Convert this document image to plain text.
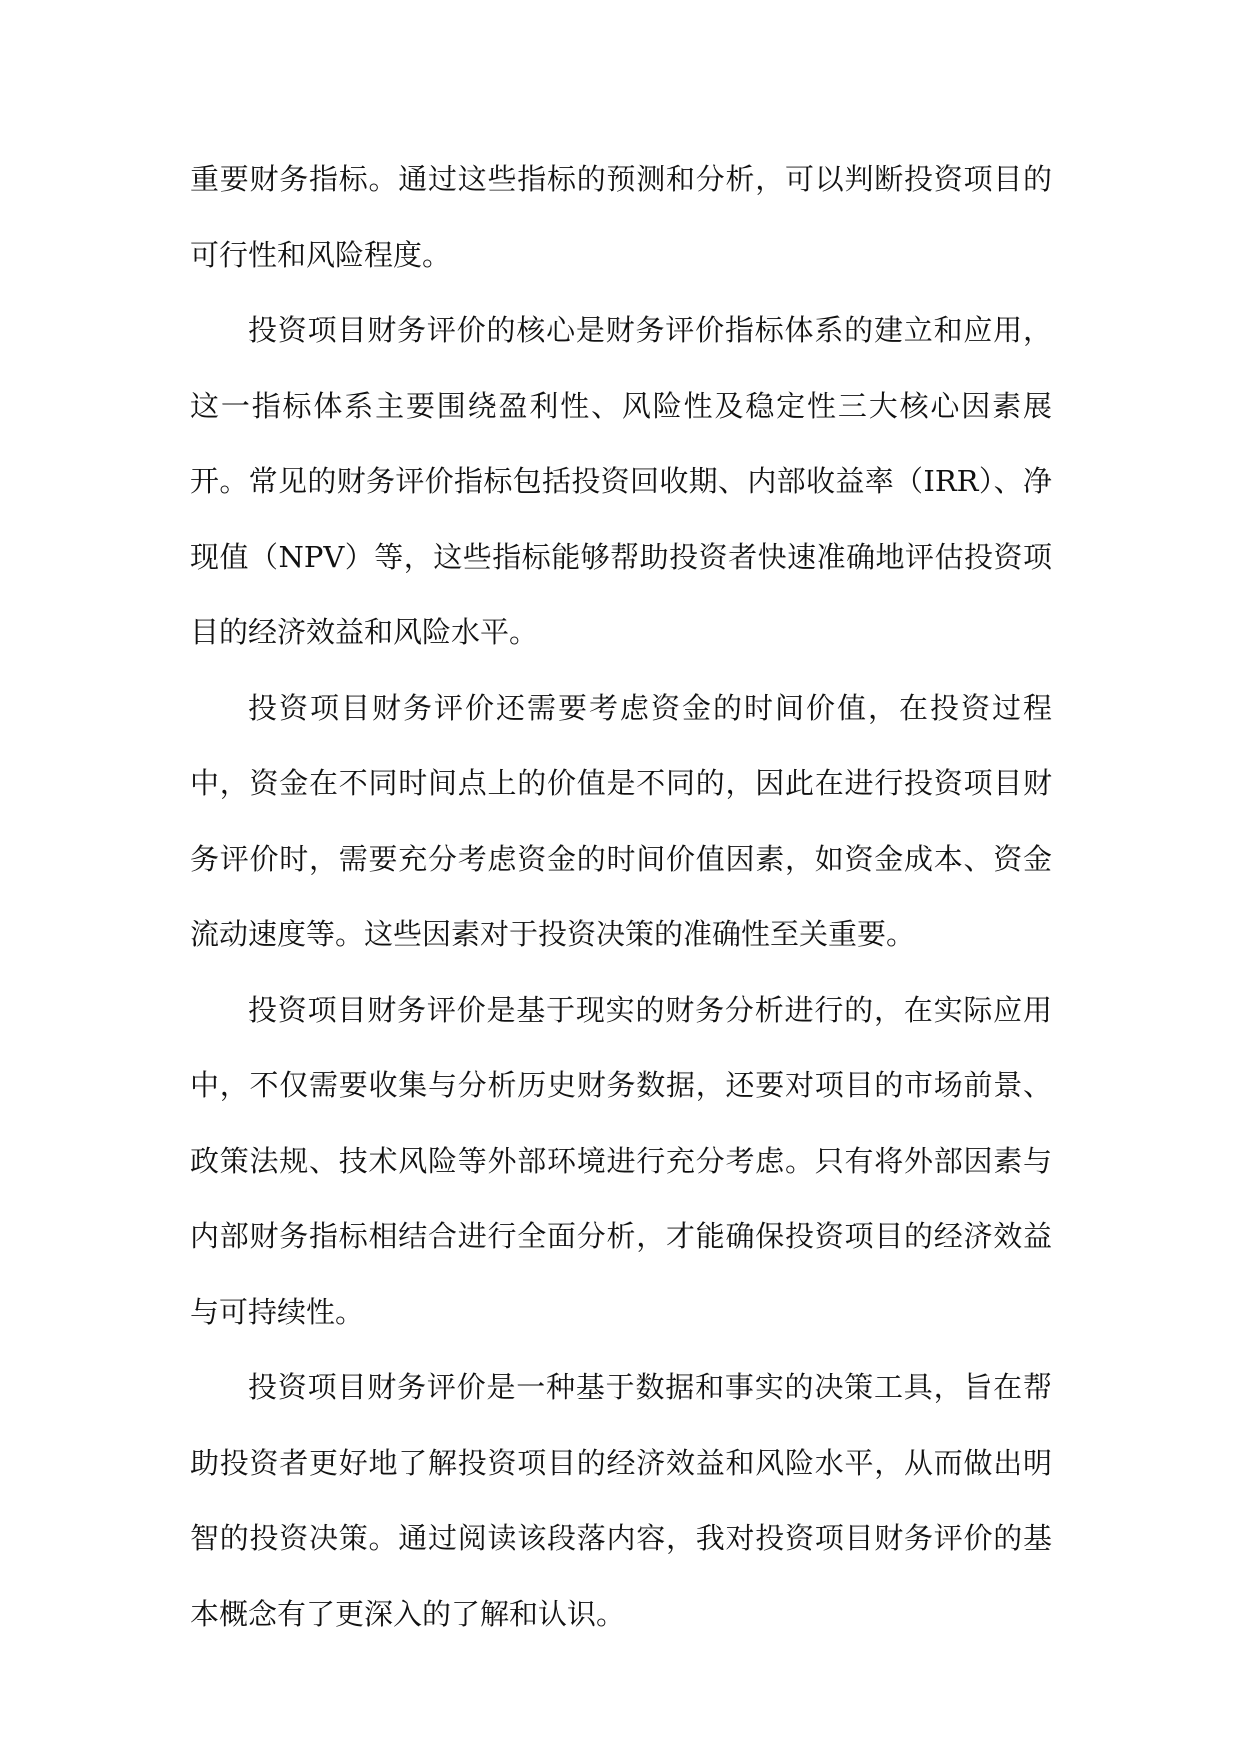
重要财务指标。通过这些指标的预测和分析，可以判断投资项目的可行性和风险程度。

投资项目财务评价的核心是财务评价指标体系的建立和应用，这一指标体系主要围绕盈利性、风险性及稳定性三大核心因素展开。常见的财务评价指标包括投资回收期、内部收益率（IRR）、净现值（NPV）等，这些指标能够帮助投资者快速准确地评估投资项目的经济效益和风险水平。

投资项目财务评价还需要考虑资金的时间价值，在投资过程中，资金在不同时间点上的价值是不同的，因此在进行投资项目财务评价时，需要充分考虑资金的时间价值因素，如资金成本、资金流动速度等。这些因素对于投资决策的准确性至关重要。

投资项目财务评价是基于现实的财务分析进行的，在实际应用中，不仅需要收集与分析历史财务数据，还要对项目的市场前景、政策法规、技术风险等外部环境进行充分考虑。只有将外部因素与内部财务指标相结合进行全面分析，才能确保投资项目的经济效益与可持续性。

投资项目财务评价是一种基于数据和事实的决策工具，旨在帮助投资者更好地了解投资项目的经济效益和风险水平，从而做出明智的投资决策。通过阅读该段落内容，我对投资项目财务评价的基本概念有了更深入的了解和认识。
